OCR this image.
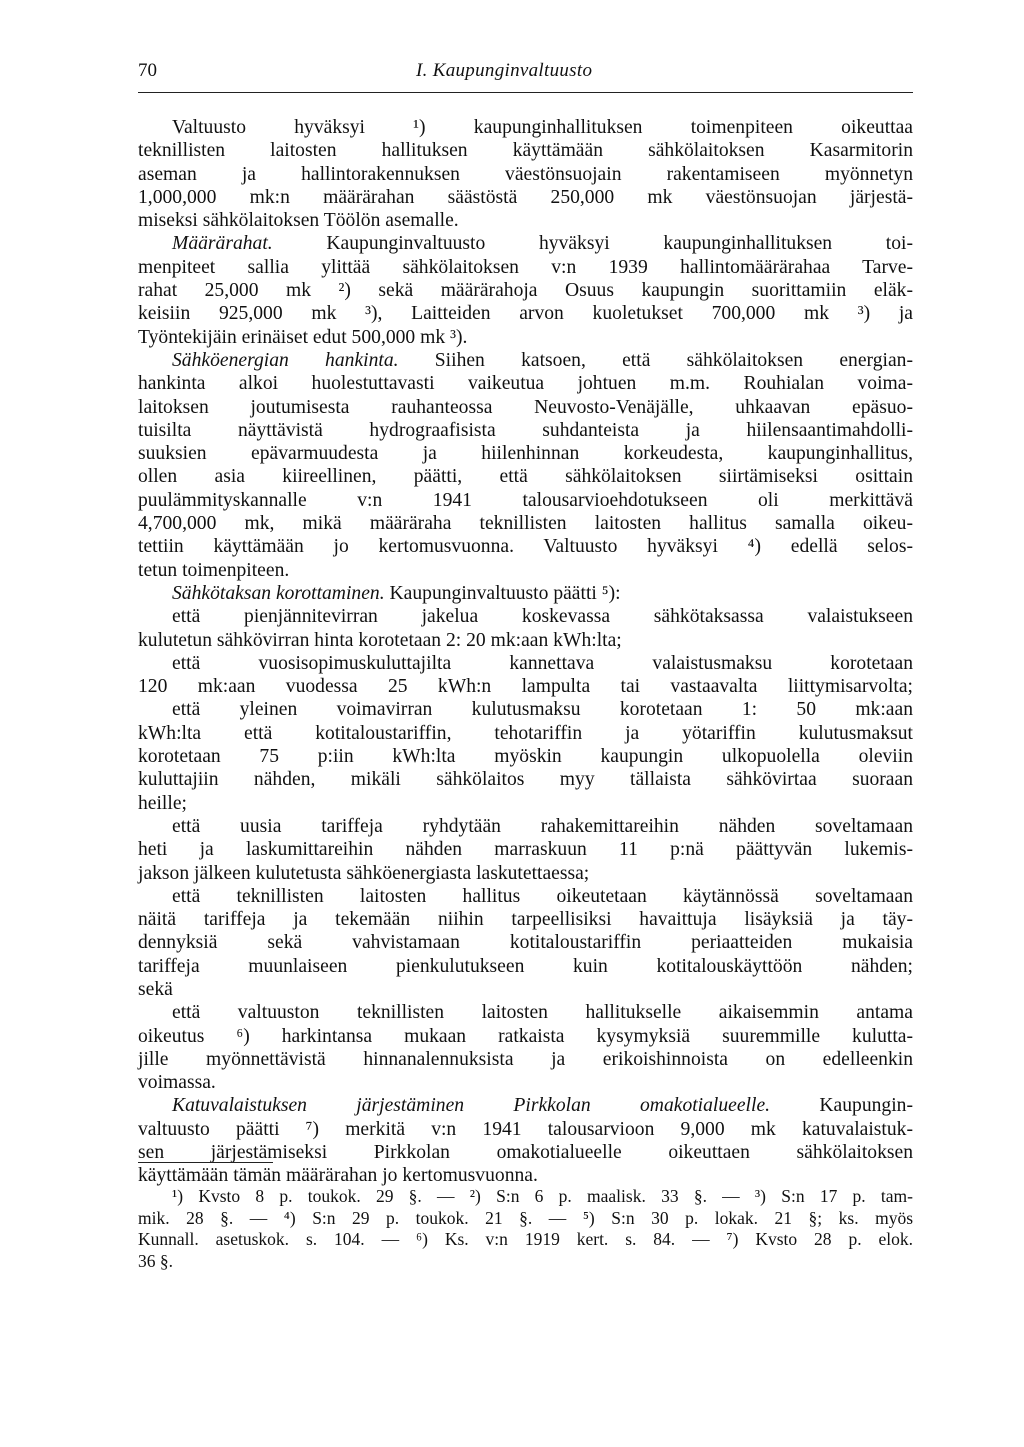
70	I. Kaupunginvaltuusto
Valtuusto hyväksyi ¹) kaupunginhallituksen toimenpiteen oikeuttaa
teknillisten laitosten hallituksen käyttämään sähkölaitoksen Kasarmitorin
aseman ja hallintorakennuksen väestönsuojain rakentamiseen myönnetyn
1,000,000 mk:n määrärahan säästöstä 250,000 mk väestönsuojan järjestä-
miseksi sähkölaitoksen Töölön asemalle.
Määrärahat. Kaupunginvaltuusto hyväksyi kaupunginhallituksen toi-
menpiteet sallia ylittää sähkölaitoksen v:n 1939 hallintomäärärahaa Tarve-
rahat 25,000 mk ²) sekä määrärahoja Osuus kaupungin suorittamiin eläk-
keisiin 925,000 mk ³), Laitteiden arvon kuoletukset 700,000 mk ³) ja
Työntekijäin erinäiset edut 500,000 mk ³).
Sähköenergian hankinta. Siihen katsoen, että sähkölaitoksen energian-
hankinta alkoi huolestuttavasti vaikeutua johtuen m.m. Rouhialan voima-
laitoksen joutumisesta rauhanteossa Neuvosto-Venäjälle, uhkaavan epäsuo-
tuisilta näyttävistä hydrograafisista suhdanteista ja hiilensaantimahdolli-
suuksien epävarmuudesta ja hiilenhinnan korkeudesta, kaupunginhallitus,
ollen asia kiireellinen, päätti, että sähkölaitoksen siirtämiseksi osittain
puulämmityskannalle v:n 1941 talousarvioehdotukseen oli merkittävä
4,700,000 mk, mikä määräraha teknillisten laitosten hallitus samalla oikeu-
tettiin käyttämään jo kertomusvuonna. Valtuusto hyväksyi ⁴) edellä selos-
tetun toimenpiteen.
Sähkötaksan korottaminen. Kaupunginvaltuusto päätti ⁵):
että pienjännitevirran jakelua koskevassa sähkötaksassa valaistukseen
kulutetun sähkövirran hinta korotetaan 2: 20 mk:aan kWh:lta;
että vuosisopimuskuluttajilta kannettava valaistusmaksu korotetaan
120 mk:aan vuodessa 25 kWh:n lampulta tai vastaavalta liittymisarvolta;
että yleinen voimavirran kulutusmaksu korotetaan 1: 50 mk:aan
kWh:lta että kotitaloustariffin, tehotariffin ja yötariffin kulutusmaksut
korotetaan 75 p:iin kWh:lta myöskin kaupungin ulkopuolella oleviin
kuluttajiin nähden, mikäli sähkölaitos myy tällaista sähkövirtaa suoraan
heille;
että uusia tariffeja ryhdytään rahakemittareihin nähden soveltamaan
heti ja laskumittareihin nähden marraskuun 11 p:nä päättyvän lukemis-
jakson jälkeen kulutetusta sähköenergiasta laskutettaessa;
että teknillisten laitosten hallitus oikeutetaan käytännössä soveltamaan
näitä tariffeja ja tekemään niihin tarpeellisiksi havaittuja lisäyksiä ja täy-
dennyksiä sekä vahvistamaan kotitaloustariffin periaatteiden mukaisia
tariffeja muunlaiseen pienkulutukseen kuin kotitalouskäyttöön nähden;
sekä
että valtuuston teknillisten laitosten hallitukselle aikaisemmin antama
oikeutus ⁶) harkintansa mukaan ratkaista kysymyksiä suuremmille kulutta-
jille myönnettävistä hinnanalennuksista ja erikoishinnoista on edelleenkin
voimassa.
Katuvalaistuksen järjestäminen Pirkkolan omakotialueelle. Kaupungin-
valtuusto päätti ⁷) merkitä v:n 1941 talousarvioon 9,000 mk katuvalaistuk-
sen järjestämiseksi Pirkkolan omakotialueelle oikeuttaen sähkölaitoksen
käyttämään tämän määrärahan jo kertomusvuonna.
¹) Kvsto 8 p. toukok. 29 §. — ²) S:n 6 p. maalisk. 33 §. — ³) S:n 17 p. tam-
mik. 28 §. — ⁴) S:n 29 p. toukok. 21 §. — ⁵) S:n 30 p. lokak. 21 §; ks. myös
Kunnall. asetuskok. s. 104. — ⁶) Ks. v:n 1919 kert. s. 84. — ⁷) Kvsto 28 p. elok.
36 §.
